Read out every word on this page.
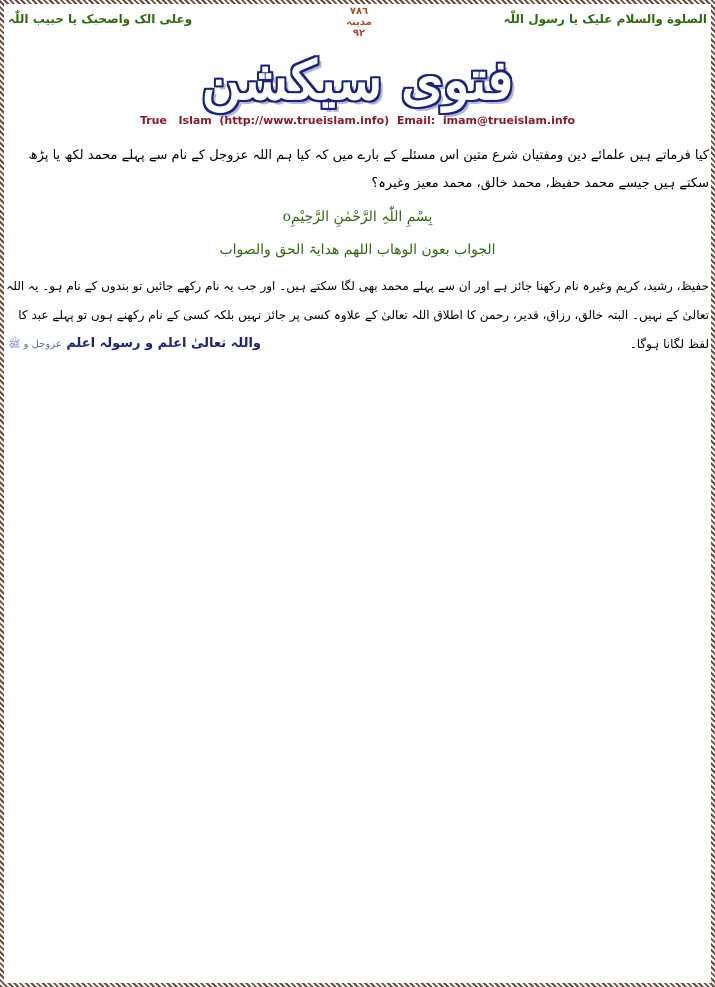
الصلوة والسلام علیک یا رسول اللّٰہ
٧٨٦
مدینہ
٩٢
وعلی الک واصحبک یا حبیب اللّٰہ
فتوی سیکشن
True   Islam (http://www.trueislam.info) Email: imam@trueislam.info
کیا فرماتے ہیں علمائے دین ومفتیان شرع متین اس مسئلے کے بارے میں کہ کیا ہم اللہ عزوجل کے نام سے پہلے محمد لکھ یا پڑھ سکتے ہیں جیسے محمد حفیظ، محمد خالق، محمد معیز وغیرہ؟
بِسْمِ اللّٰہِ الرَّحْمٰنِ الرَّحِیْمِo
الجواب بعون الوھاب اللھم ھدایۃ الحق والصواب
حفیظ، رشید، کریم وغیرہ نام رکھنا جائز ہے اور ان سے پہلے محمد بھی لگا سکتے ہیں۔ اور جب یہ نام رکھے جائیں تو بندوں کے نام ہو۔ یہ اللہ تعالیٰ کے نہیں۔ البتہ خالق، رزاق، قدیر، رحمن کا اطلاق اللہ تعالیٰ کے علاوہ کسی پر جائز نہیں بلکہ کسی کے نام رکھنے ہوں تو پہلے عبد کا لفظ لگانا ہوگا۔
واللہ تعالیٰ اعلم و رسولہ اعلم عزوجل و ﷺ
